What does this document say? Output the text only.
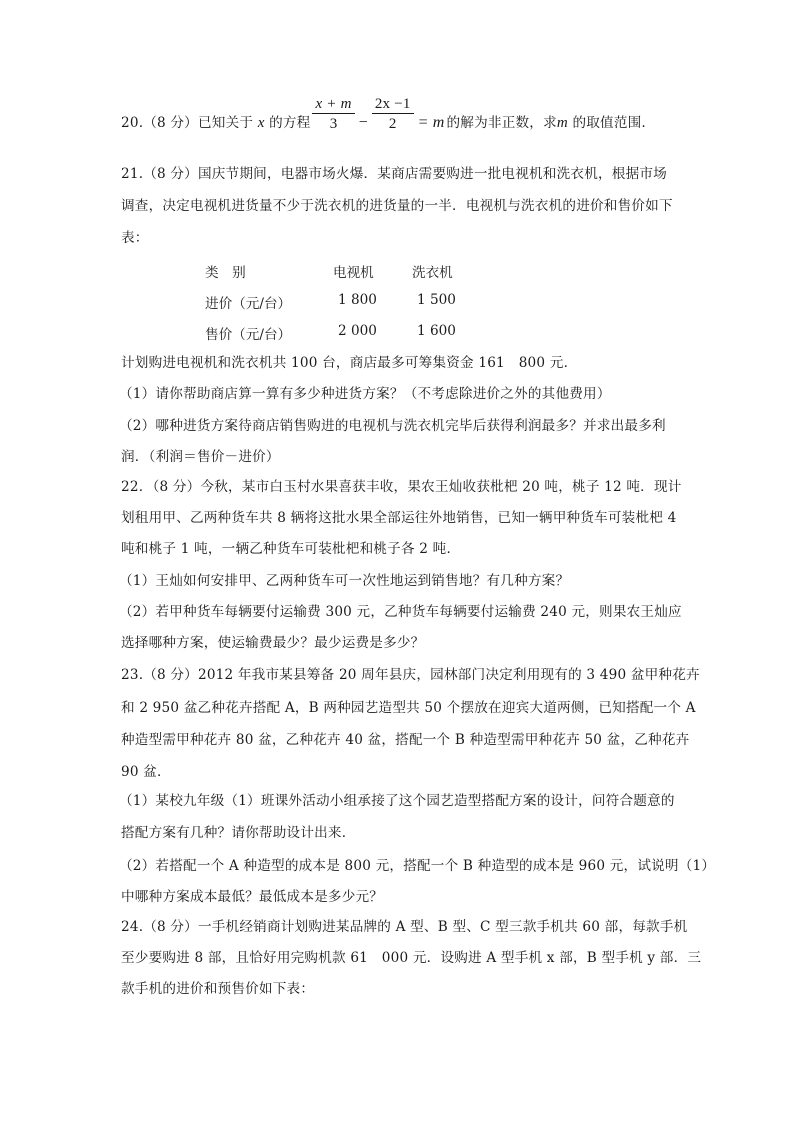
20.（8 分）已知关于 x 的方程 $\frac{x + m}{3} - \frac{2x -1}{2} = m$ 的解为非正数，求m 的取值范围.
21.（8 分）国庆节期间，电器市场火爆．某商店需要购进一批电视机和洗衣机，根据市场
调查，决定电视机进货量不少于洗衣机的进货量的一半．电视机与洗衣机的进价和售价如下
表：
类　别	电视机	洗衣机
进价（元/台）	1 800	1 500
售价（元/台）	2 000	1 600
计划购进电视机和洗衣机共 100 台，商店最多可筹集资金 161　800 元．
（1）请你帮助商店算一算有多少种进货方案？（不考虑除进价之外的其他费用）
（2）哪种进货方案待商店销售购进的电视机与洗衣机完毕后获得利润最多？并求出最多利
润．（利润＝售价－进价）
22．（8 分）今秋，某市白玉村水果喜获丰收，果农王灿收获枇杷 20 吨，桃子 12 吨．现计
划租用甲、乙两种货车共 8 辆将这批水果全部运往外地销售，已知一辆甲种货车可装枇杷 4
吨和桃子 1 吨，一辆乙种货车可装枇杷和桃子各 2 吨．
（1）王灿如何安排甲、乙两种货车可一次性地运到销售地？有几种方案？
（2）若甲种货车每辆要付运输费 300 元，乙种货车每辆要付运输费 240 元，则果农王灿应
选择哪种方案，使运输费最少？最少运费是多少？
23.（8 分）2012 年我市某县筹备 20 周年县庆，园林部门决定利用现有的 3 490 盆甲种花卉
和 2 950 盆乙种花卉搭配 A，B 两种园艺造型共 50 个摆放在迎宾大道两侧，已知搭配一个 A
种造型需甲种花卉 80 盆，乙种花卉 40 盆，搭配一个 B 种造型需甲种花卉 50 盆，乙种花卉
90 盆．
（1）某校九年级（1）班课外活动小组承接了这个园艺造型搭配方案的设计，问符合题意的
搭配方案有几种？请你帮助设计出来．
（2）若搭配一个 A 种造型的成本是 800 元，搭配一个 B 种造型的成本是 960 元，试说明（1）
中哪种方案成本最低？最低成本是多少元？
24.（8 分）一手机经销商计划购进某品牌的 A 型、B 型、C 型三款手机共 60 部，每款手机
至少要购进 8 部，且恰好用完购机款 61　000 元．设购进 A 型手机 x 部，B 型手机 y 部．三
款手机的进价和预售价如下表：
